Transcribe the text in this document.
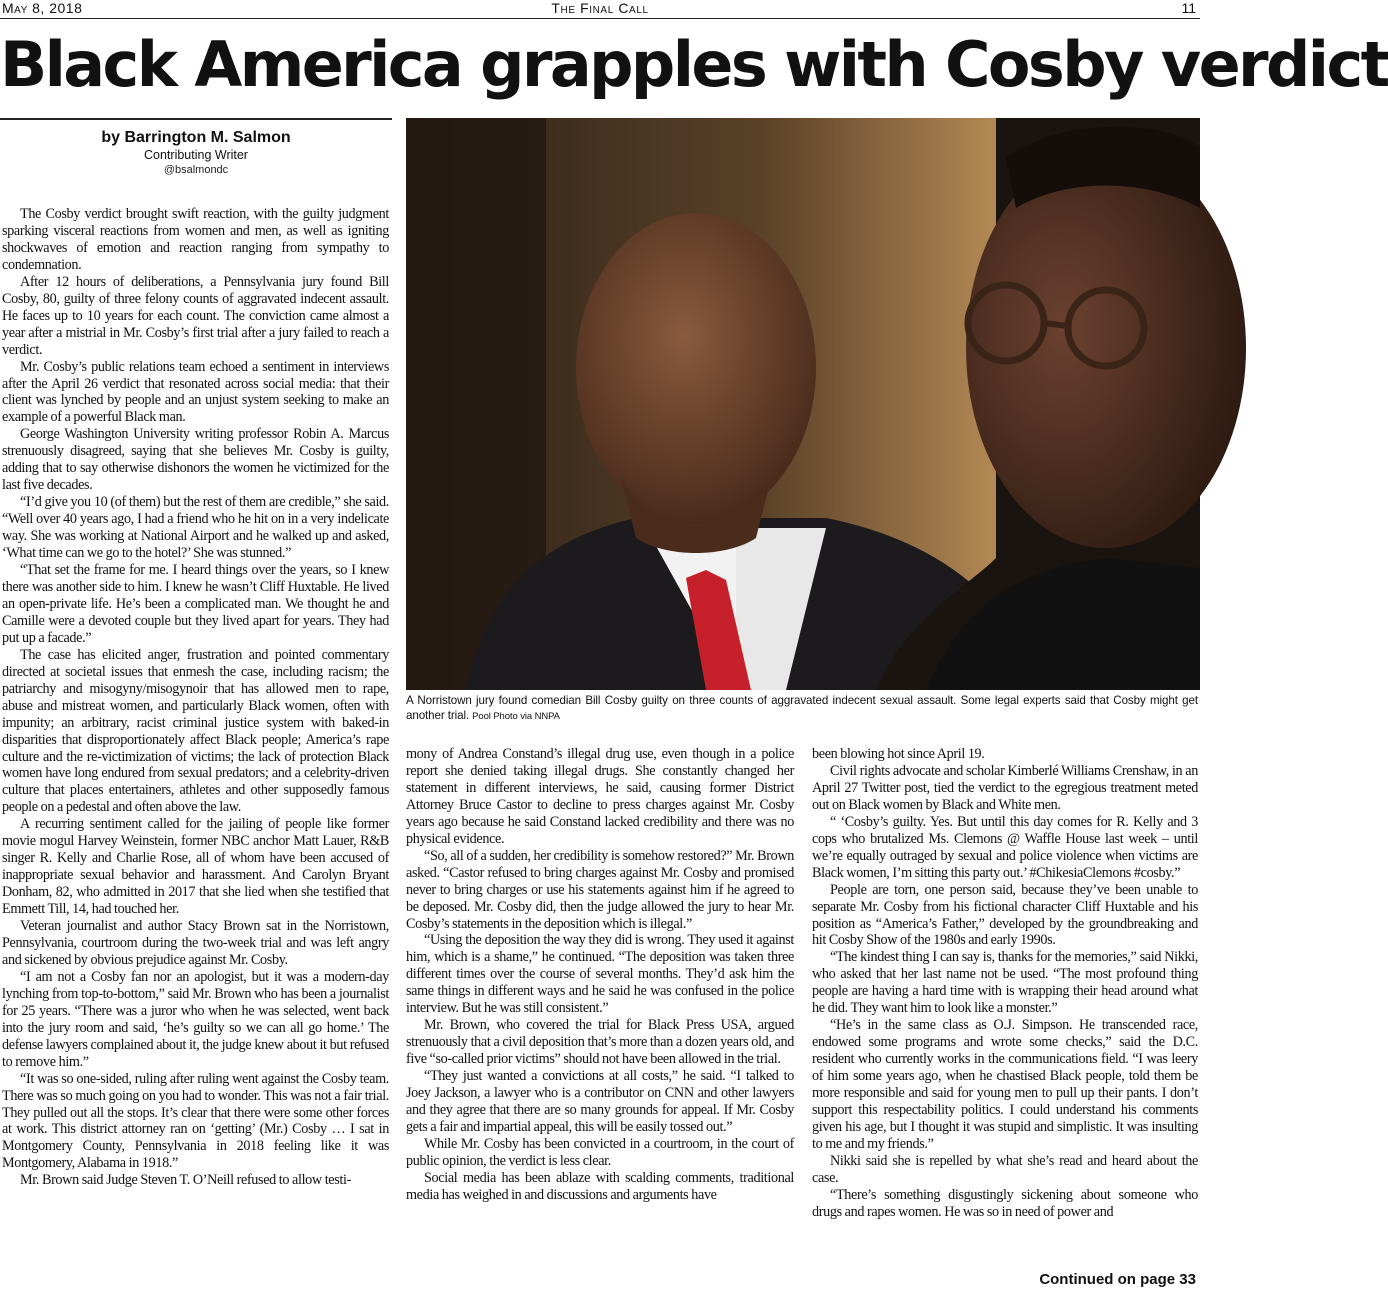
May 8, 2018	The Final Call	11
Black America grapples with Cosby verdict
by Barrington M. Salmon
Contributing Writer
@bsalmondc
A Norristown jury found comedian Bill Cosby guilty on three counts of aggravated indecent sexual assault. Some legal experts said that Cosby might get another trial. Pool Photo via NNPA

The Cosby verdict brought swift reaction, with the guilty judgment sparking visceral reactions from women and men, as well as igniting shockwaves of emotion and reaction ranging from sympathy to condemnation.

After 12 hours of deliberations, a Pennsylvania jury found Bill Cosby, 80, guilty of three felony counts of aggravated indecent assault. He faces up to 10 years for each count. The conviction came almost a year after a mistrial in Mr. Cosby’s first trial after a jury failed to reach a verdict.

Mr. Cosby’s public relations team echoed a sentiment in interviews after the April 26 verdict that resonated across social media: that their client was lynched by people and an unjust system seeking to make an example of a powerful Black man.

George Washington University writing professor Robin A. Marcus strenuously disagreed, saying that she believes Mr. Cosby is guilty, adding that to say otherwise dishonors the women he victimized for the last five decades.

“I’d give you 10 (of them) but the rest of them are credible,” she said. “Well over 40 years ago, I had a friend who he hit on in a very indelicate way. She was working at National Airport and he walked up and asked, ‘What time can we go to the hotel?’ She was stunned.”

“That set the frame for me. I heard things over the years, so I knew there was another side to him. I knew he wasn’t Cliff Huxtable. He lived an open-private life. He’s been a complicated man. We thought he and Camille were a devoted couple but they lived apart for years. They had put up a facade.”

The case has elicited anger, frustration and pointed commentary directed at societal issues that enmesh the case, including racism; the patriarchy and misogyny/misogynoir that has allowed men to rape, abuse and mistreat women, and particularly Black women, often with impunity; an arbitrary, racist criminal justice system with baked-in disparities that disproportionately affect Black people; America’s rape culture and the re-victimization of victims; the lack of protection Black women have long endured from sexual predators; and a celebrity-driven culture that places entertainers, athletes and other supposedly famous people on a pedestal and often above the law.

A recurring sentiment called for the jailing of people like former movie mogul Harvey Weinstein, former NBC anchor Matt Lauer, R&B singer R. Kelly and Charlie Rose, all of whom have been accused of inappropriate sexual behavior and harassment. And Carolyn Bryant Donham, 82, who admitted in 2017 that she lied when she testified that Emmett Till, 14, had touched her.

Veteran journalist and author Stacy Brown sat in the Norristown, Pennsylvania, courtroom during the two-week trial and was left angry and sickened by obvious prejudice against Mr. Cosby.

“I am not a Cosby fan nor an apologist, but it was a modern-day lynching from top-to-bottom,” said Mr. Brown who has been a journalist for 25 years. “There was a juror who when he was selected, went back into the jury room and said, ‘he’s guilty so we can all go home.’ The defense lawyers complained about it, the judge knew about it but refused to remove him.”

“It was so one-sided, ruling after ruling went against the Cosby team. There was so much going on you had to wonder. This was not a fair trial. They pulled out all the stops. It’s clear that there were some other forces at work. This district attorney ran on ‘getting’ (Mr.) Cosby … I sat in Montgomery County, Pennsylvania in 2018 feeling like it was Montgomery, Alabama in 1918.”

Mr. Brown said Judge Steven T. O’Neill refused to allow testi-

mony of Andrea Constand’s illegal drug use, even though in a police report she denied taking illegal drugs. She constantly changed her statement in different interviews, he said, causing former District Attorney Bruce Castor to decline to press charges against Mr. Cosby years ago because he said Constand lacked credibility and there was no physical evidence.

“So, all of a sudden, her credibility is somehow restored?” Mr. Brown asked. “Castor refused to bring charges against Mr. Cosby and promised never to bring charges or use his statements against him if he agreed to be deposed. Mr. Cosby did, then the judge allowed the jury to hear Mr. Cosby’s statements in the deposition which is illegal.”

“Using the deposition the way they did is wrong. They used it against him, which is a shame,” he continued. “The deposition was taken three different times over the course of several months. They’d ask him the same things in different ways and he said he was confused in the police interview. But he was still consistent.”

Mr. Brown, who covered the trial for Black Press USA, argued strenuously that a civil deposition that’s more than a dozen years old, and five “so-called prior victims” should not have been allowed in the trial.

“They just wanted a convictions at all costs,” he said. “I talked to Joey Jackson, a lawyer who is a contributor on CNN and other lawyers and they agree that there are so many grounds for appeal. If Mr. Cosby gets a fair and impartial appeal, this will be easily tossed out.”

While Mr. Cosby has been convicted in a courtroom, in the court of public opinion, the verdict is less clear.

Social media has been ablaze with scalding comments, traditional media has weighed in and discussions and arguments have

been blowing hot since April 19.

Civil rights advocate and scholar Kimberlé Williams Crenshaw, in an April 27 Twitter post, tied the verdict to the egregious treatment meted out on Black women by Black and White men.

“ ‘Cosby’s guilty. Yes. But until this day comes for R. Kelly and 3 cops who brutalized Ms. Clemons @ Waffle House last week – until we’re equally outraged by sexual and police violence when victims are Black women, I’m sitting this party out.’ #ChikesiaClemons #cosby.”

People are torn, one person said, because they’ve been unable to separate Mr. Cosby from his fictional character Cliff Huxtable and his position as “America’s Father,” developed by the groundbreaking and hit Cosby Show of the 1980s and early 1990s.

“The kindest thing I can say is, thanks for the memories,” said Nikki, who asked that her last name not be used. “The most profound thing people are having a hard time with is wrapping their head around what he did. They want him to look like a monster.”

“He’s in the same class as O.J. Simpson. He transcended race, endowed some programs and wrote some checks,” said the D.C. resident who currently works in the communications field. “I was leery of him some years ago, when he chastised Black people, told them be more responsible and said for young men to pull up their pants. I don’t support this respectability politics. I could understand his comments given his age, but I thought it was stupid and simplistic. It was insulting to me and my friends.”

Nikki said she is repelled by what she’s read and heard about the case.

“There’s something disgustingly sickening about someone who drugs and rapes women. He was so in need of power and

Continued on page 33
